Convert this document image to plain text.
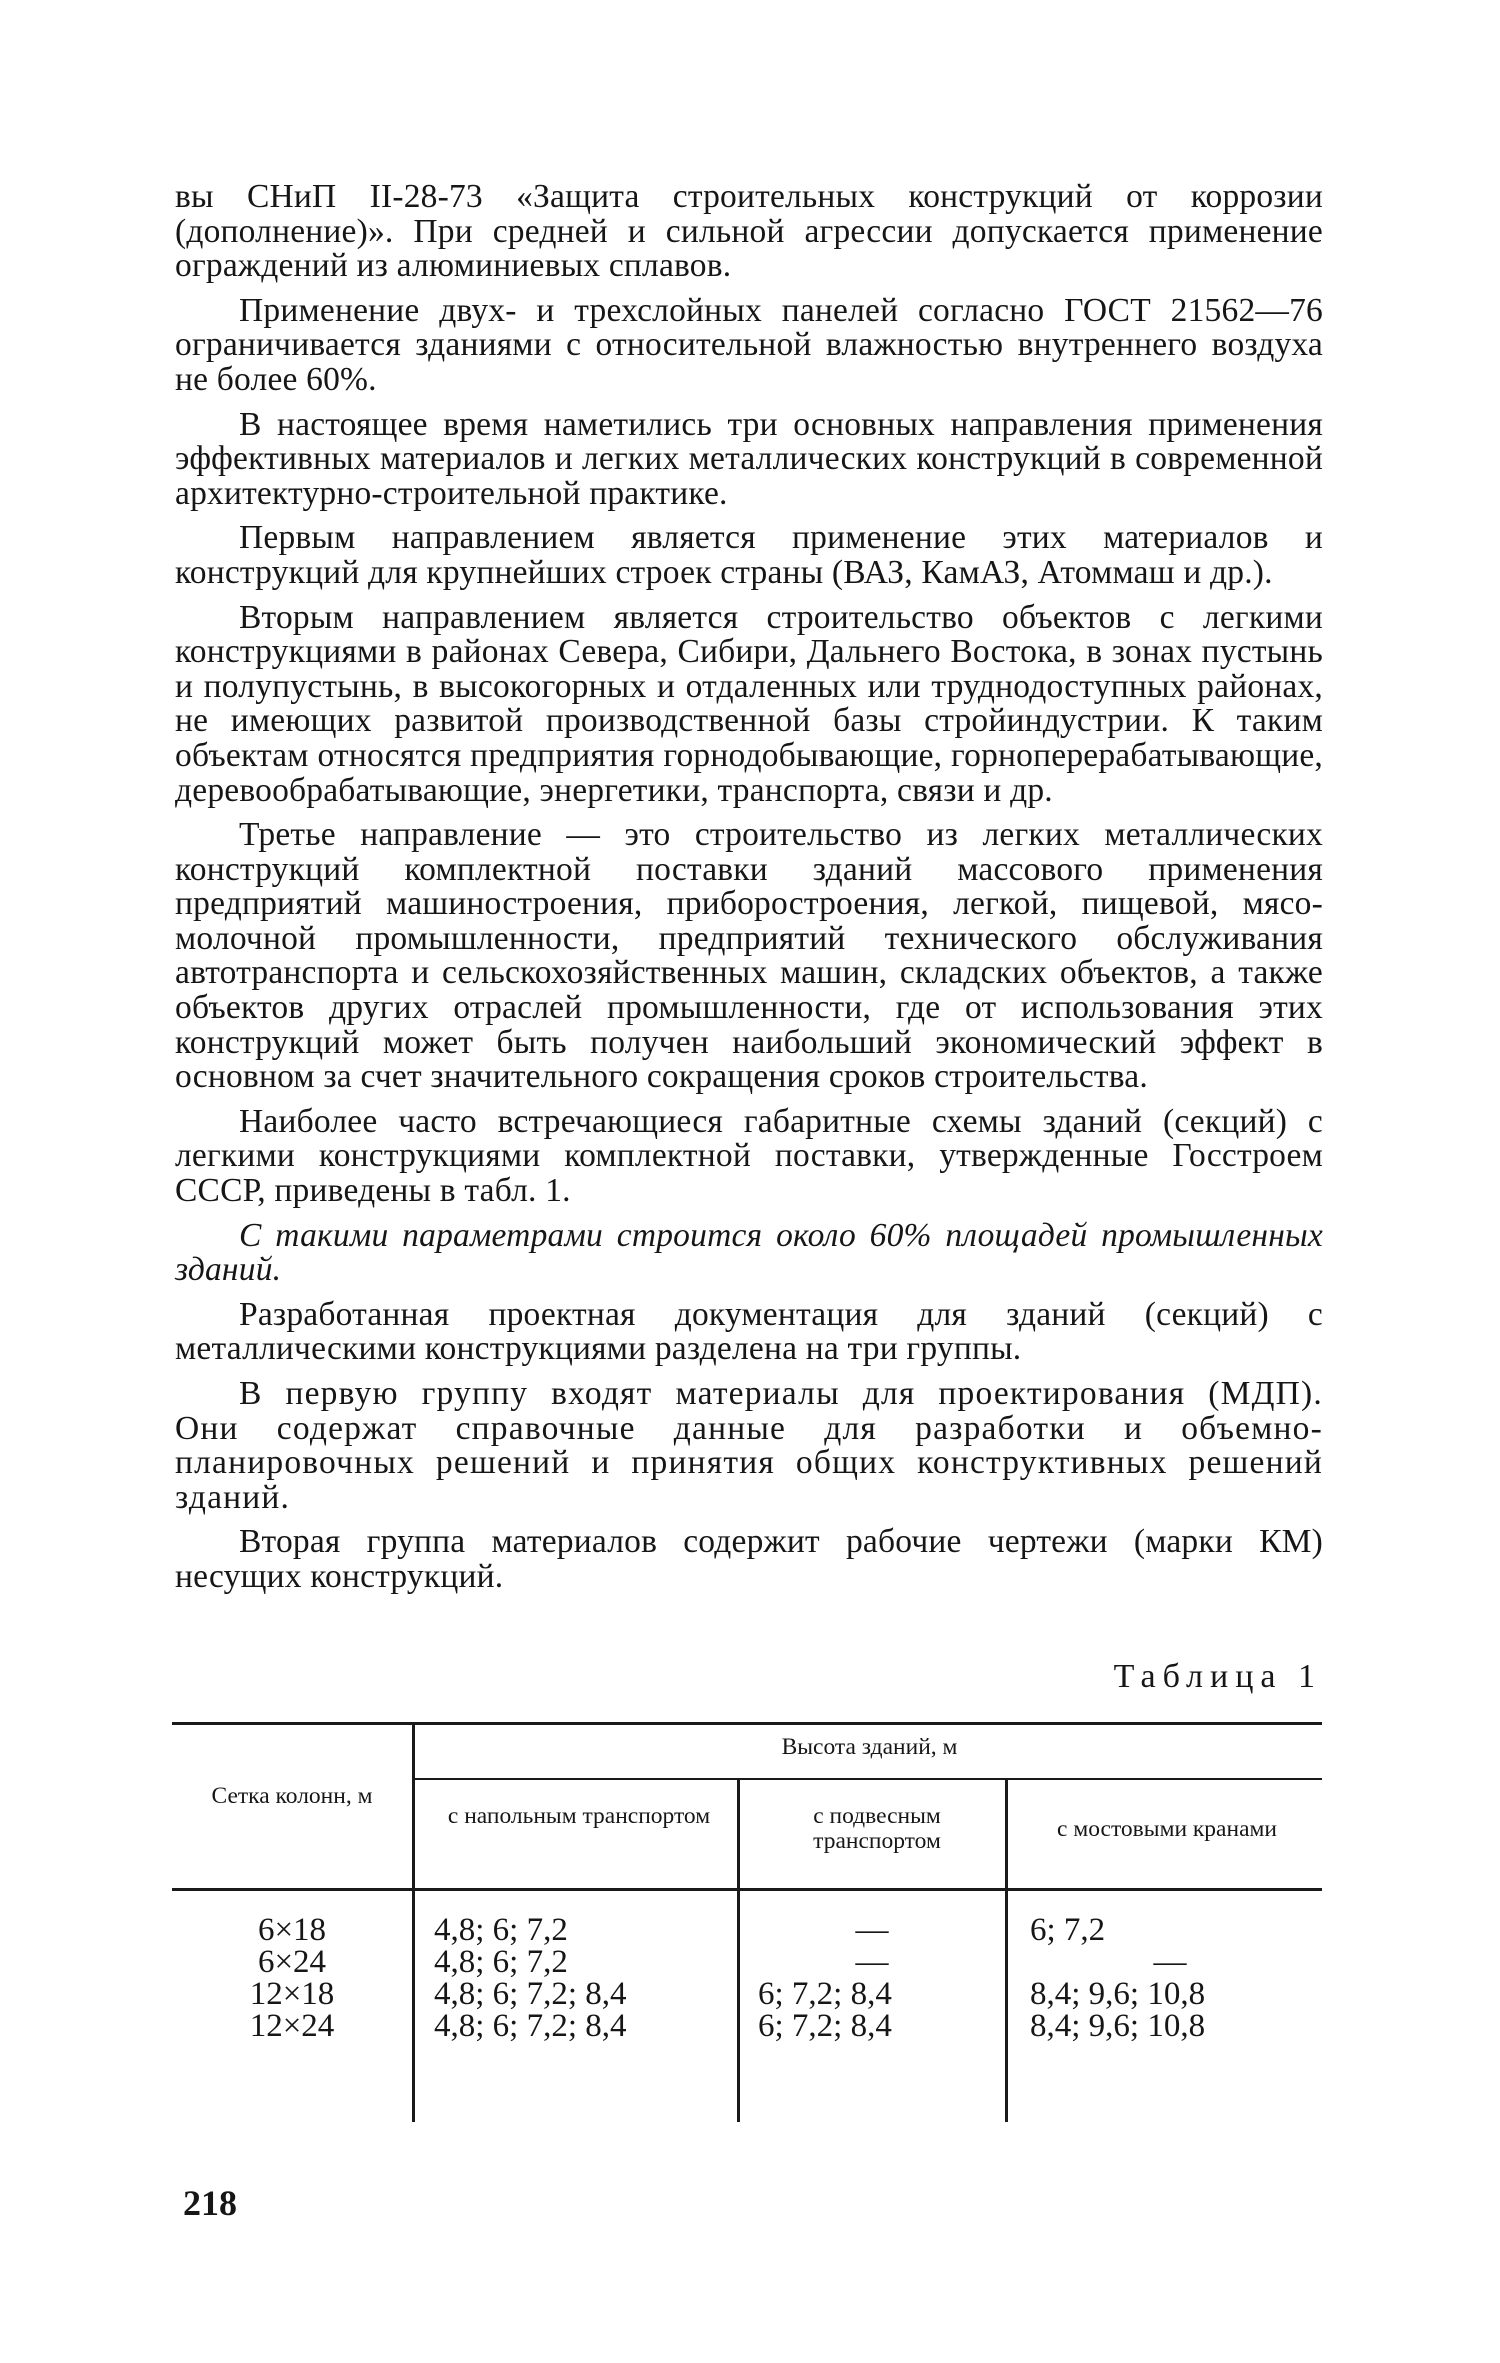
вы СНиП II-28-73 «Защита строительных конструкций от коррозии (дополнение)». При средней и сильной агрессии допускается применение ограждений из алюминиевых сплавов.

Применение двух- и трехслойных панелей согласно ГОСТ 21562—76 ограничивается зданиями с относительной влажностью внутреннего воздуха не более 60%.

В настоящее время наметились три основных направления применения эффективных материалов и легких металлических конструкций в современной архитектурно-строительной практике.

Первым направлением является применение этих материалов и конструкций для крупнейших строек страны (ВАЗ, КамАЗ, Атоммаш и др.).

Вторым направлением является строительство объектов с легкими конструкциями в районах Севера, Сибири, Дальнего Востока, в зонах пустынь и полупустынь, в высокогорных и отдаленных или труднодоступных районах, не имеющих развитой производственной базы стройиндустрии. К таким объектам относятся предприятия горнодобывающие, горноперерабатывающие, деревообрабатывающие, энергетики, транспорта, связи и др.

Третье направление — это строительство из легких металлических конструкций комплектной поставки зданий массового применения предприятий машиностроения, приборостроения, легкой, пищевой, мясо-молочной промышленности, предприятий технического обслуживания автотранспорта и сельскохозяйственных машин, складских объектов, а также объектов других отраслей промышленности, где от использования этих конструкций может быть получен наибольший экономический эффект в основном за счет значительного сокращения сроков строительства.

Наиболее часто встречающиеся габаритные схемы зданий (секций) с легкими конструкциями комплектной поставки, утвержденные Госстроем СССР, приведены в табл. 1.

С такими параметрами строится около 60% площадей промышленных зданий.

Разработанная проектная документация для зданий (секций) с металлическими конструкциями разделена на три группы.

В первую группу входят материалы для проектирования (МДП). Они содержат справочные данные для разработки и объемно-планировочных решений и принятия общих конструктивных решений зданий.

Вторая группа материалов содержит рабочие чертежи (марки КМ) несущих конструкций.

Таблица 1
Сетка колонн, м
Высота зданий, м
с напольным транспортом	с подвесным транспортом	с мостовыми кранами
6×18	4,8; 6; 7,2	—	6; 7,2
6×24	4,8; 6; 7,2	—	—
12×18	4,8; 6; 7,2; 8,4	6; 7,2; 8,4	8,4; 9,6; 10,8
12×24	4,8; 6; 7,2; 8,4	6; 7,2; 8,4	8,4; 9,6; 10,8
218
